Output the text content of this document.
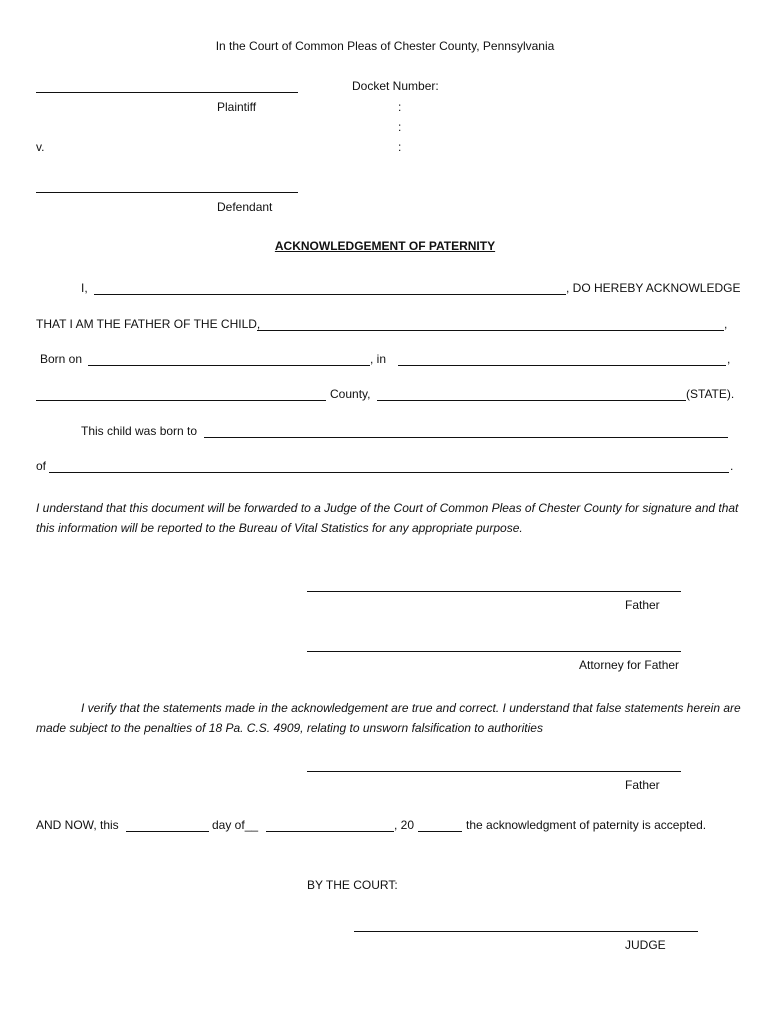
In the Court of Common Pleas of Chester County, Pennsylvania
Plaintiff
v.
Defendant
Docket Number:
:
:
:
ACKNOWLEDGEMENT OF PATERNITY
I,	, DO HEREBY ACKNOWLEDGE
THAT I AM THE FATHER OF THE CHILD,	,
Born on	, in	,
County,	(STATE).
This child was born to
of	.
I understand that this document will be forwarded to a Judge of the Court of Common Pleas of Chester County for signature and that this information will be reported to the Bureau of Vital Statistics for any appropriate purpose.
Father
Attorney for Father
I verify that the statements made in the acknowledgement are true and correct. I understand that false statements herein are made subject to the penalties of 18 Pa. C.S. 4909, relating to unsworn falsification to authorities
Father
AND NOW, this	day of__	, 20	the acknowledgment of paternity is accepted.
BY THE COURT:
JUDGE
